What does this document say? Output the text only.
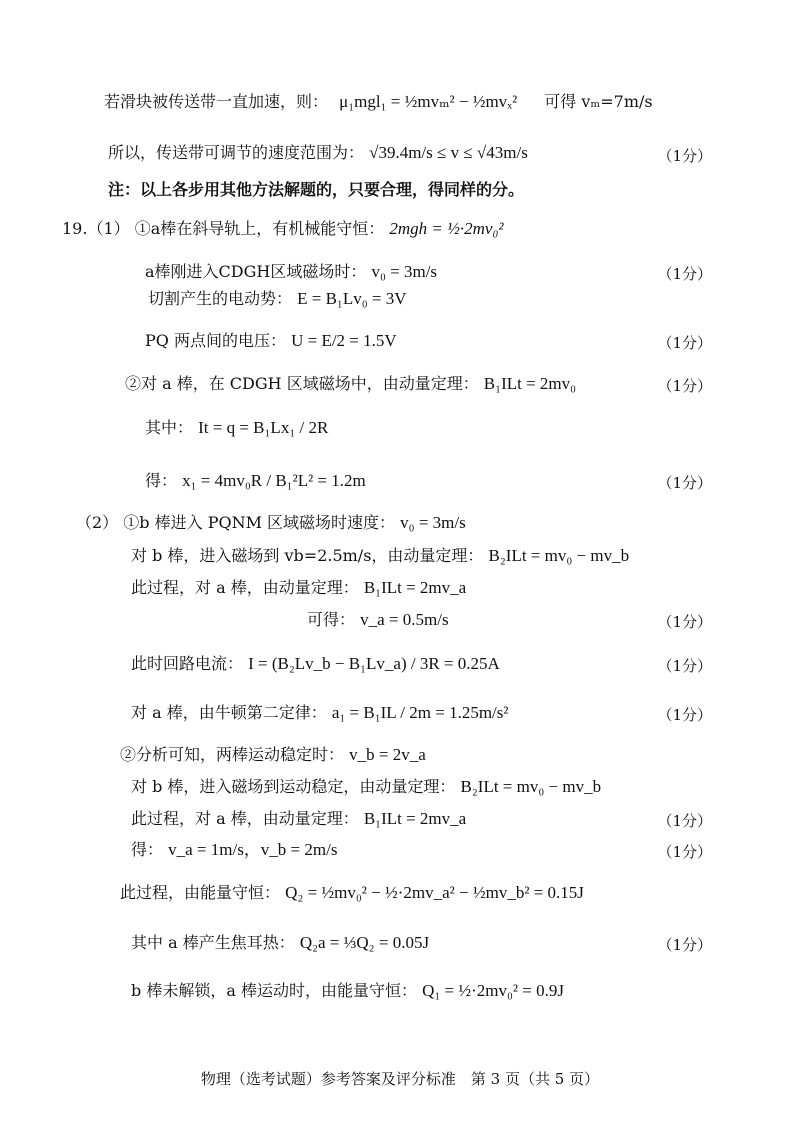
若滑块被传送带一直加速，则： μ₁mgl₁ = ½mvₘ² − ½mvₓ² 可得 vₘ=7m/s
所以，传送带可调节的速度范围为： √39.4m/s ≤ v ≤ √43m/s	（1分）
注：以上各步用其他方法解题的，只要合理，得同样的分。
19.（1） ①a棒在斜导轨上，有机械能守恒： 2mgh = ½·2mv₀²
a棒刚进入CDGH区域磁场时： v₀ = 3m/s	（1分）
切割产生的电动势： E = B₁Lv₀ = 3V
PQ 两点间的电压： U = E/2 = 1.5V	（1分）
②对 a 棒，在 CDGH 区域磁场中，由动量定理： B₁ILt = 2mv₀	（1分）
其中： It = q = B₁Lx₁ / 2R
得： x₁ = 4mv₀R / B₁²L² = 1.2m	（1分）
（2） ①b 棒进入 PQNM 区域磁场时速度： v₀ = 3m/s
对 b 棒，进入磁场到 vb=2.5m/s，由动量定理： B₂ILt = mv₀ − mv_b
此过程，对 a 棒，由动量定理： B₁ILt = 2mv_a
可得： v_a = 0.5m/s	（1分）
此时回路电流： I = (B₂Lv_b − B₁Lv_a) / 3R = 0.25A	（1分）
对 a 棒，由牛顿第二定律： a₁ = B₁IL / 2m = 1.25m/s²	（1分）
②分析可知，两棒运动稳定时： v_b = 2v_a
对 b 棒，进入磁场到运动稳定，由动量定理： B₂ILt = mv₀ − mv_b
此过程，对 a 棒，由动量定理： B₁ILt = 2mv_a	（1分）
得： v_a = 1m/s，v_b = 2m/s	（1分）
此过程，由能量守恒： Q₂ = ½mv₀² − ½·2mv_a² − ½mv_b² = 0.15J
其中 a 棒产生焦耳热： Q₂a = ⅓Q₂ = 0.05J	（1分）
b 棒未解锁，a 棒运动时，由能量守恒： Q₁ = ½·2mv₀² = 0.9J
物理（选考试题）参考答案及评分标准　第 3 页（共 5 页）
